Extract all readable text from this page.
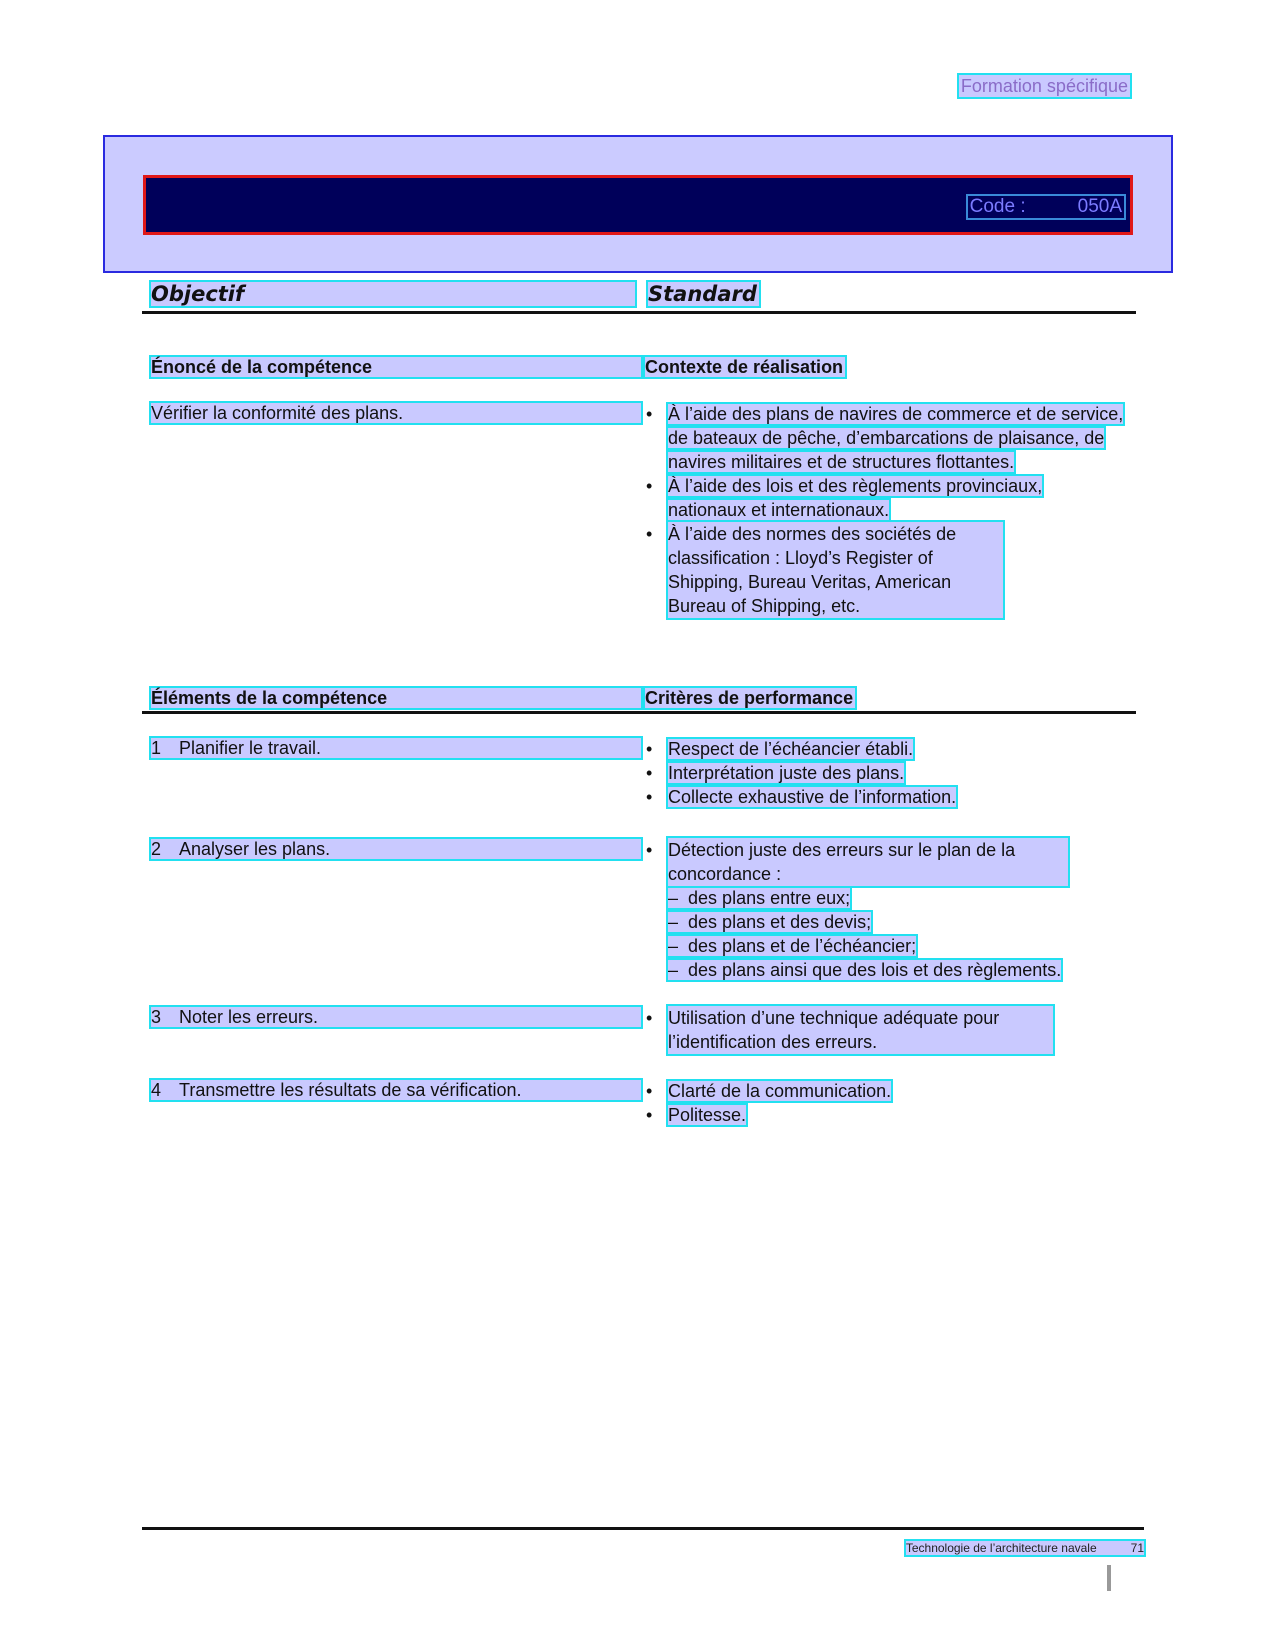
Formation spécifique
Code :	050A
Objectif	Standard
Énoncé de la compétence	Contexte de réalisation
Vérifier la conformité des plans.	• À l’aide des plans de navires de commerce et de service, de bateaux de pêche, d’embarcations de plaisance, de navires militaires et de structures flottantes.
• À l’aide des lois et des règlements provinciaux, nationaux et internationaux.
• À l’aide des normes des sociétés de classification : Lloyd’s Register of Shipping, Bureau Veritas, American Bureau of Shipping, etc.
Éléments de la compétence	Critères de performance
1 Planifier le travail.	• Respect de l’échéancier établi.
• Interprétation juste des plans.
• Collecte exhaustive de l’information.
2 Analyser les plans.	• Détection juste des erreurs sur le plan de la concordance :
– des plans entre eux;
– des plans et des devis;
– des plans et de l’échéancier;
– des plans ainsi que des lois et des règlements.
3 Noter les erreurs.	• Utilisation d’une technique adéquate pour l’identification des erreurs.
4 Transmettre les résultats de sa vérification.	• Clarté de la communication.
• Politesse.
Technologie de l’architecture navale	71
